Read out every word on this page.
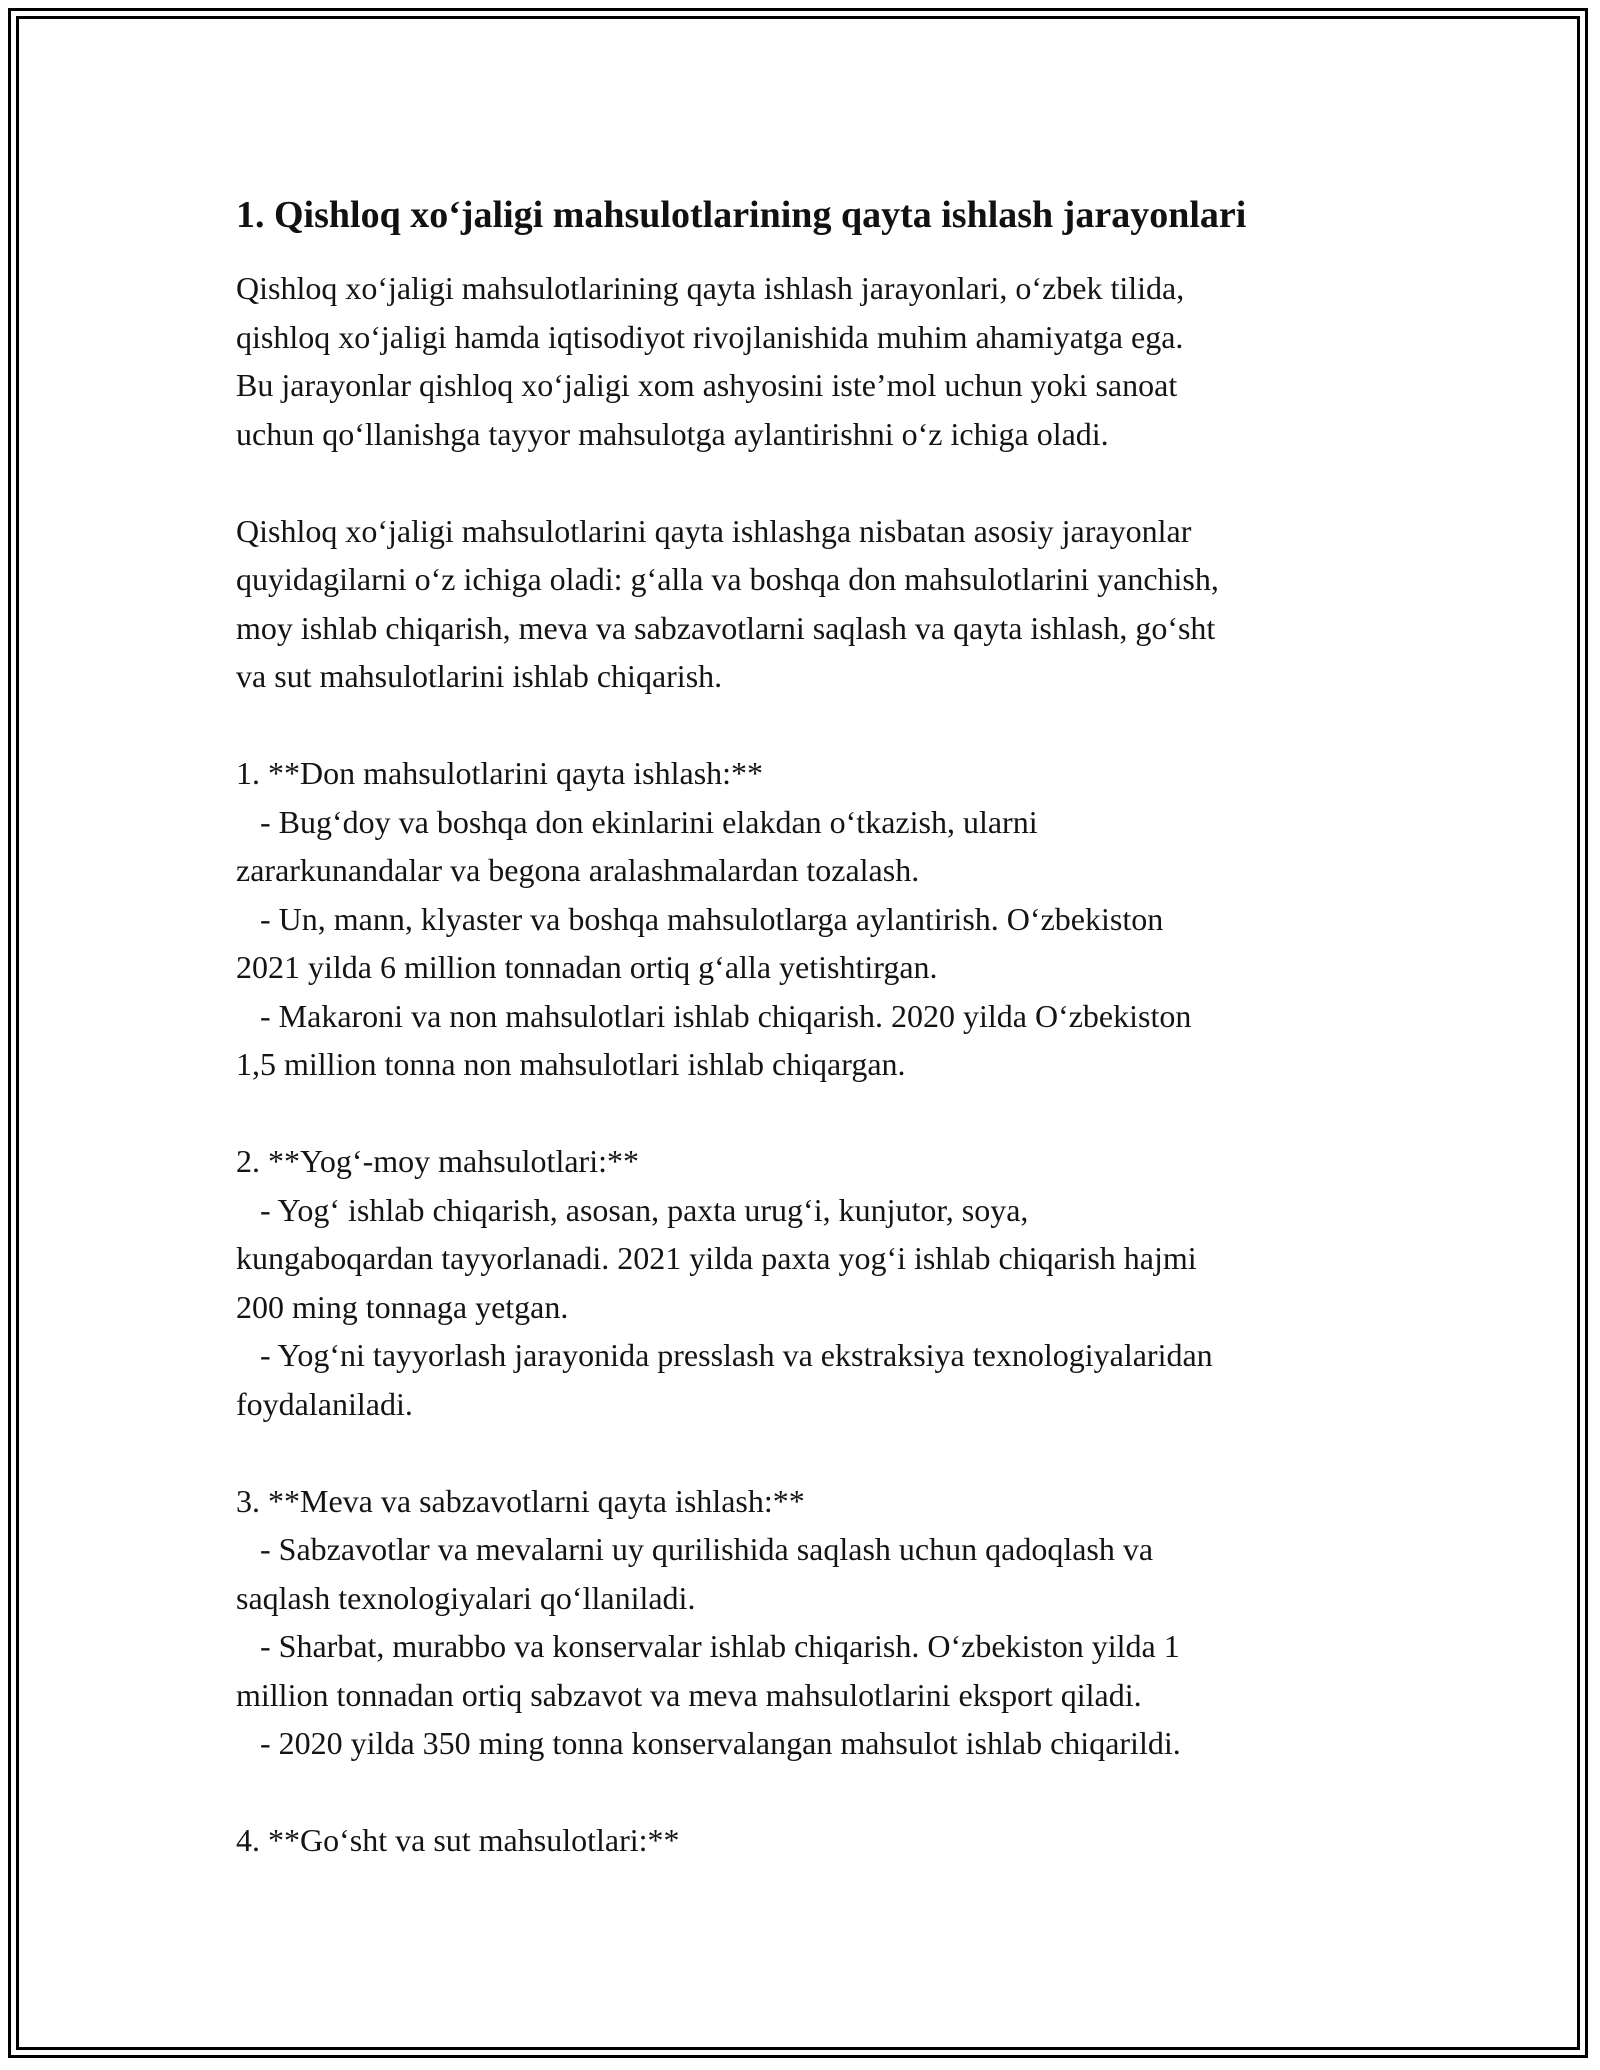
1. Qishloq xo‘jaligi mahsulotlarining qayta ishlash jarayonlari

Qishloq xo‘jaligi mahsulotlarining qayta ishlash jarayonlari, o‘zbek tilida,
qishloq xo‘jaligi hamda iqtisodiyot rivojlanishida muhim ahamiyatga ega.
Bu jarayonlar qishloq xo‘jaligi xom ashyosini iste’mol uchun yoki sanoat
uchun qo‘llanishga tayyor mahsulotga aylantirishni o‘z ichiga oladi.

Qishloq xo‘jaligi mahsulotlarini qayta ishlashga nisbatan asosiy jarayonlar
quyidagilarni o‘z ichiga oladi: g‘alla va boshqa don mahsulotlarini yanchish,
moy ishlab chiqarish, meva va sabzavotlarni saqlash va qayta ishlash, go‘sht
va sut mahsulotlarini ishlab chiqarish.

1. **Don mahsulotlarini qayta ishlash:**
- Bug‘doy va boshqa don ekinlarini elakdan o‘tkazish, ularni
zararkunandalar va begona aralashmalardan tozalash.
- Un, mann, klyaster va boshqa mahsulotlarga aylantirish. O‘zbekiston
2021 yilda 6 million tonnadan ortiq g‘alla yetishtirgan.
- Makaroni va non mahsulotlari ishlab chiqarish. 2020 yilda O‘zbekiston
1,5 million tonna non mahsulotlari ishlab chiqargan.

2. **Yog‘-moy mahsulotlari:**
- Yog‘ ishlab chiqarish, asosan, paxta urug‘i, kunjutor, soya,
kungaboqardan tayyorlanadi. 2021 yilda paxta yog‘i ishlab chiqarish hajmi
200 ming tonnaga yetgan.
- Yog‘ni tayyorlash jarayonida presslash va ekstraksiya texnologiyalaridan
foydalaniladi.

3. **Meva va sabzavotlarni qayta ishlash:**
- Sabzavotlar va mevalarni uy qurilishida saqlash uchun qadoqlash va
saqlash texnologiyalari qo‘llaniladi.
- Sharbat, murabbo va konservalar ishlab chiqarish. O‘zbekiston yilda 1
million tonnadan ortiq sabzavot va meva mahsulotlarini eksport qiladi.
- 2020 yilda 350 ming tonna konservalangan mahsulot ishlab chiqarildi.

4. **Go‘sht va sut mahsulotlari:**
